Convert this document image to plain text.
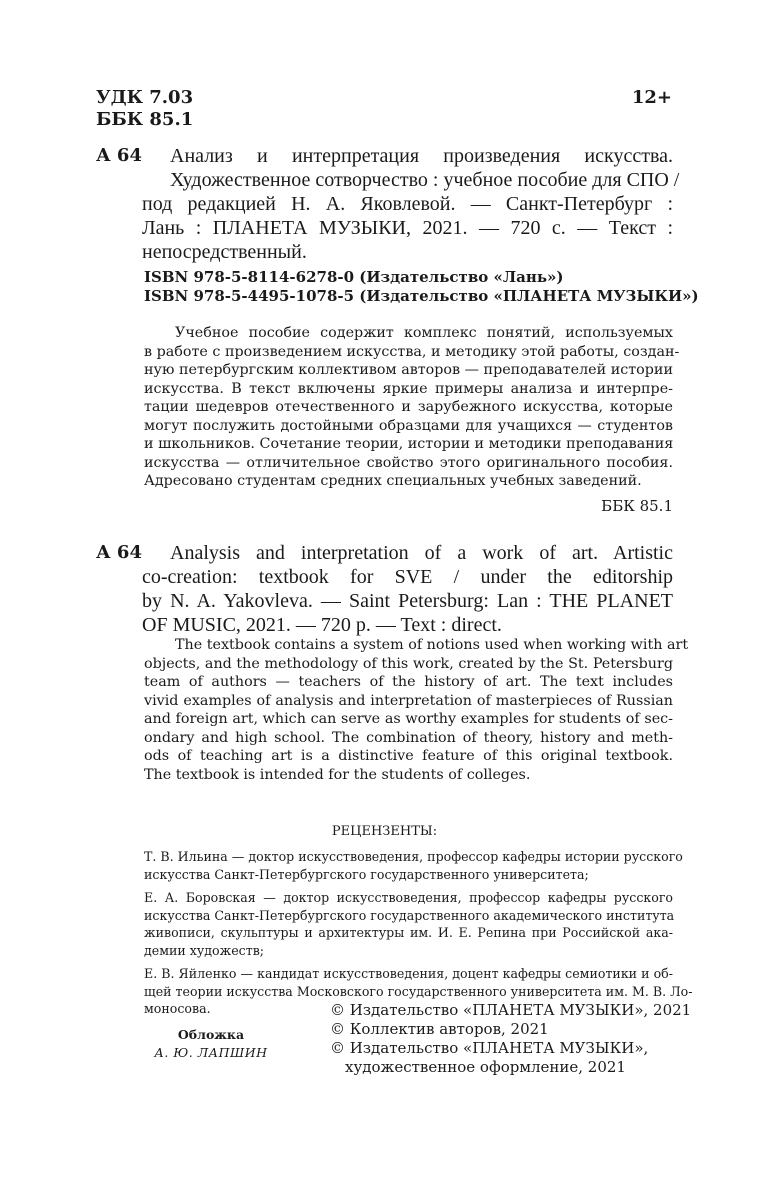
УДК 7.03
ББК 85.1
12+
А 64 Анализ и интерпретация произведения искусства.
Художественное сотворчество : учебное пособие для СПО /
под редакцией Н. А. Яковлевой. — Санкт-Петербург :
Лань : ПЛАНЕТА МУЗЫКИ, 2021. — 720 с. — Текст :
непосредственный.
ISBN 978-5-8114-6278-0 (Издательство «Лань»)
ISBN 978-5-4495-1078-5 (Издательство «ПЛАНЕТА МУЗЫКИ»)
Учебное пособие содержит комплекс понятий, используемых
в работе с произведением искусства, и методику этой работы, создан-
ную петербургским коллективом авторов — преподавателей истории
искусства. В текст включены яркие примеры анализа и интерпре-
тации шедевров отечественного и зарубежного искусства, которые
могут послужить достойными образцами для учащихся — студентов
и школьников. Сочетание теории, истории и методики преподавания
искусства — отличительное свойство этого оригинального пособия.
Адресовано студентам средних специальных учебных заведений.
ББК 85.1
А 64 Analysis and interpretation of a work of art. Artistic
co-creation: textbook for SVE / under the editorship
by N. A. Yakovleva. — Saint Petersburg: Lan : THE PLANET
OF MUSIC, 2021. — 720 p. — Text : direct.
The textbook contains a system of notions used when working with art
objects, and the methodology of this work, created by the St. Petersburg
team of authors — teachers of the history of art. The text includes
vivid examples of analysis and interpretation of masterpieces of Russian
and foreign art, which can serve as worthy examples for students of sec-
ondary and high school. The combination of theory, history and meth-
ods of teaching art is a distinctive feature of this original textbook.
The textbook is intended for the students of colleges.
РЕЦЕНЗЕНТЫ:
Т. В. Ильина — доктор искусствоведения, профессор кафедры истории русского
искусства Санкт-Петербургского государственного университета;
Е. А. Боровская — доктор искусствоведения, профессор кафедры русского
искусства Санкт-Петербургского государственного академического института
живописи, скульптуры и архитектуры им. И. Е. Репина при Российской ака-
демии художеств;
Е. В. Яйленко — кандидат искусствоведения, доцент кафедры семиотики и об-
щей теории искусства Московского государственного университета им. М. В. Ло-
моносова.
Обложка
А. Ю. ЛАПШИН
© Издательство «ПЛАНЕТА МУЗЫКИ», 2021
© Коллектив авторов, 2021
© Издательство «ПЛАНЕТА МУЗЫКИ»,
художественное оформление, 2021
